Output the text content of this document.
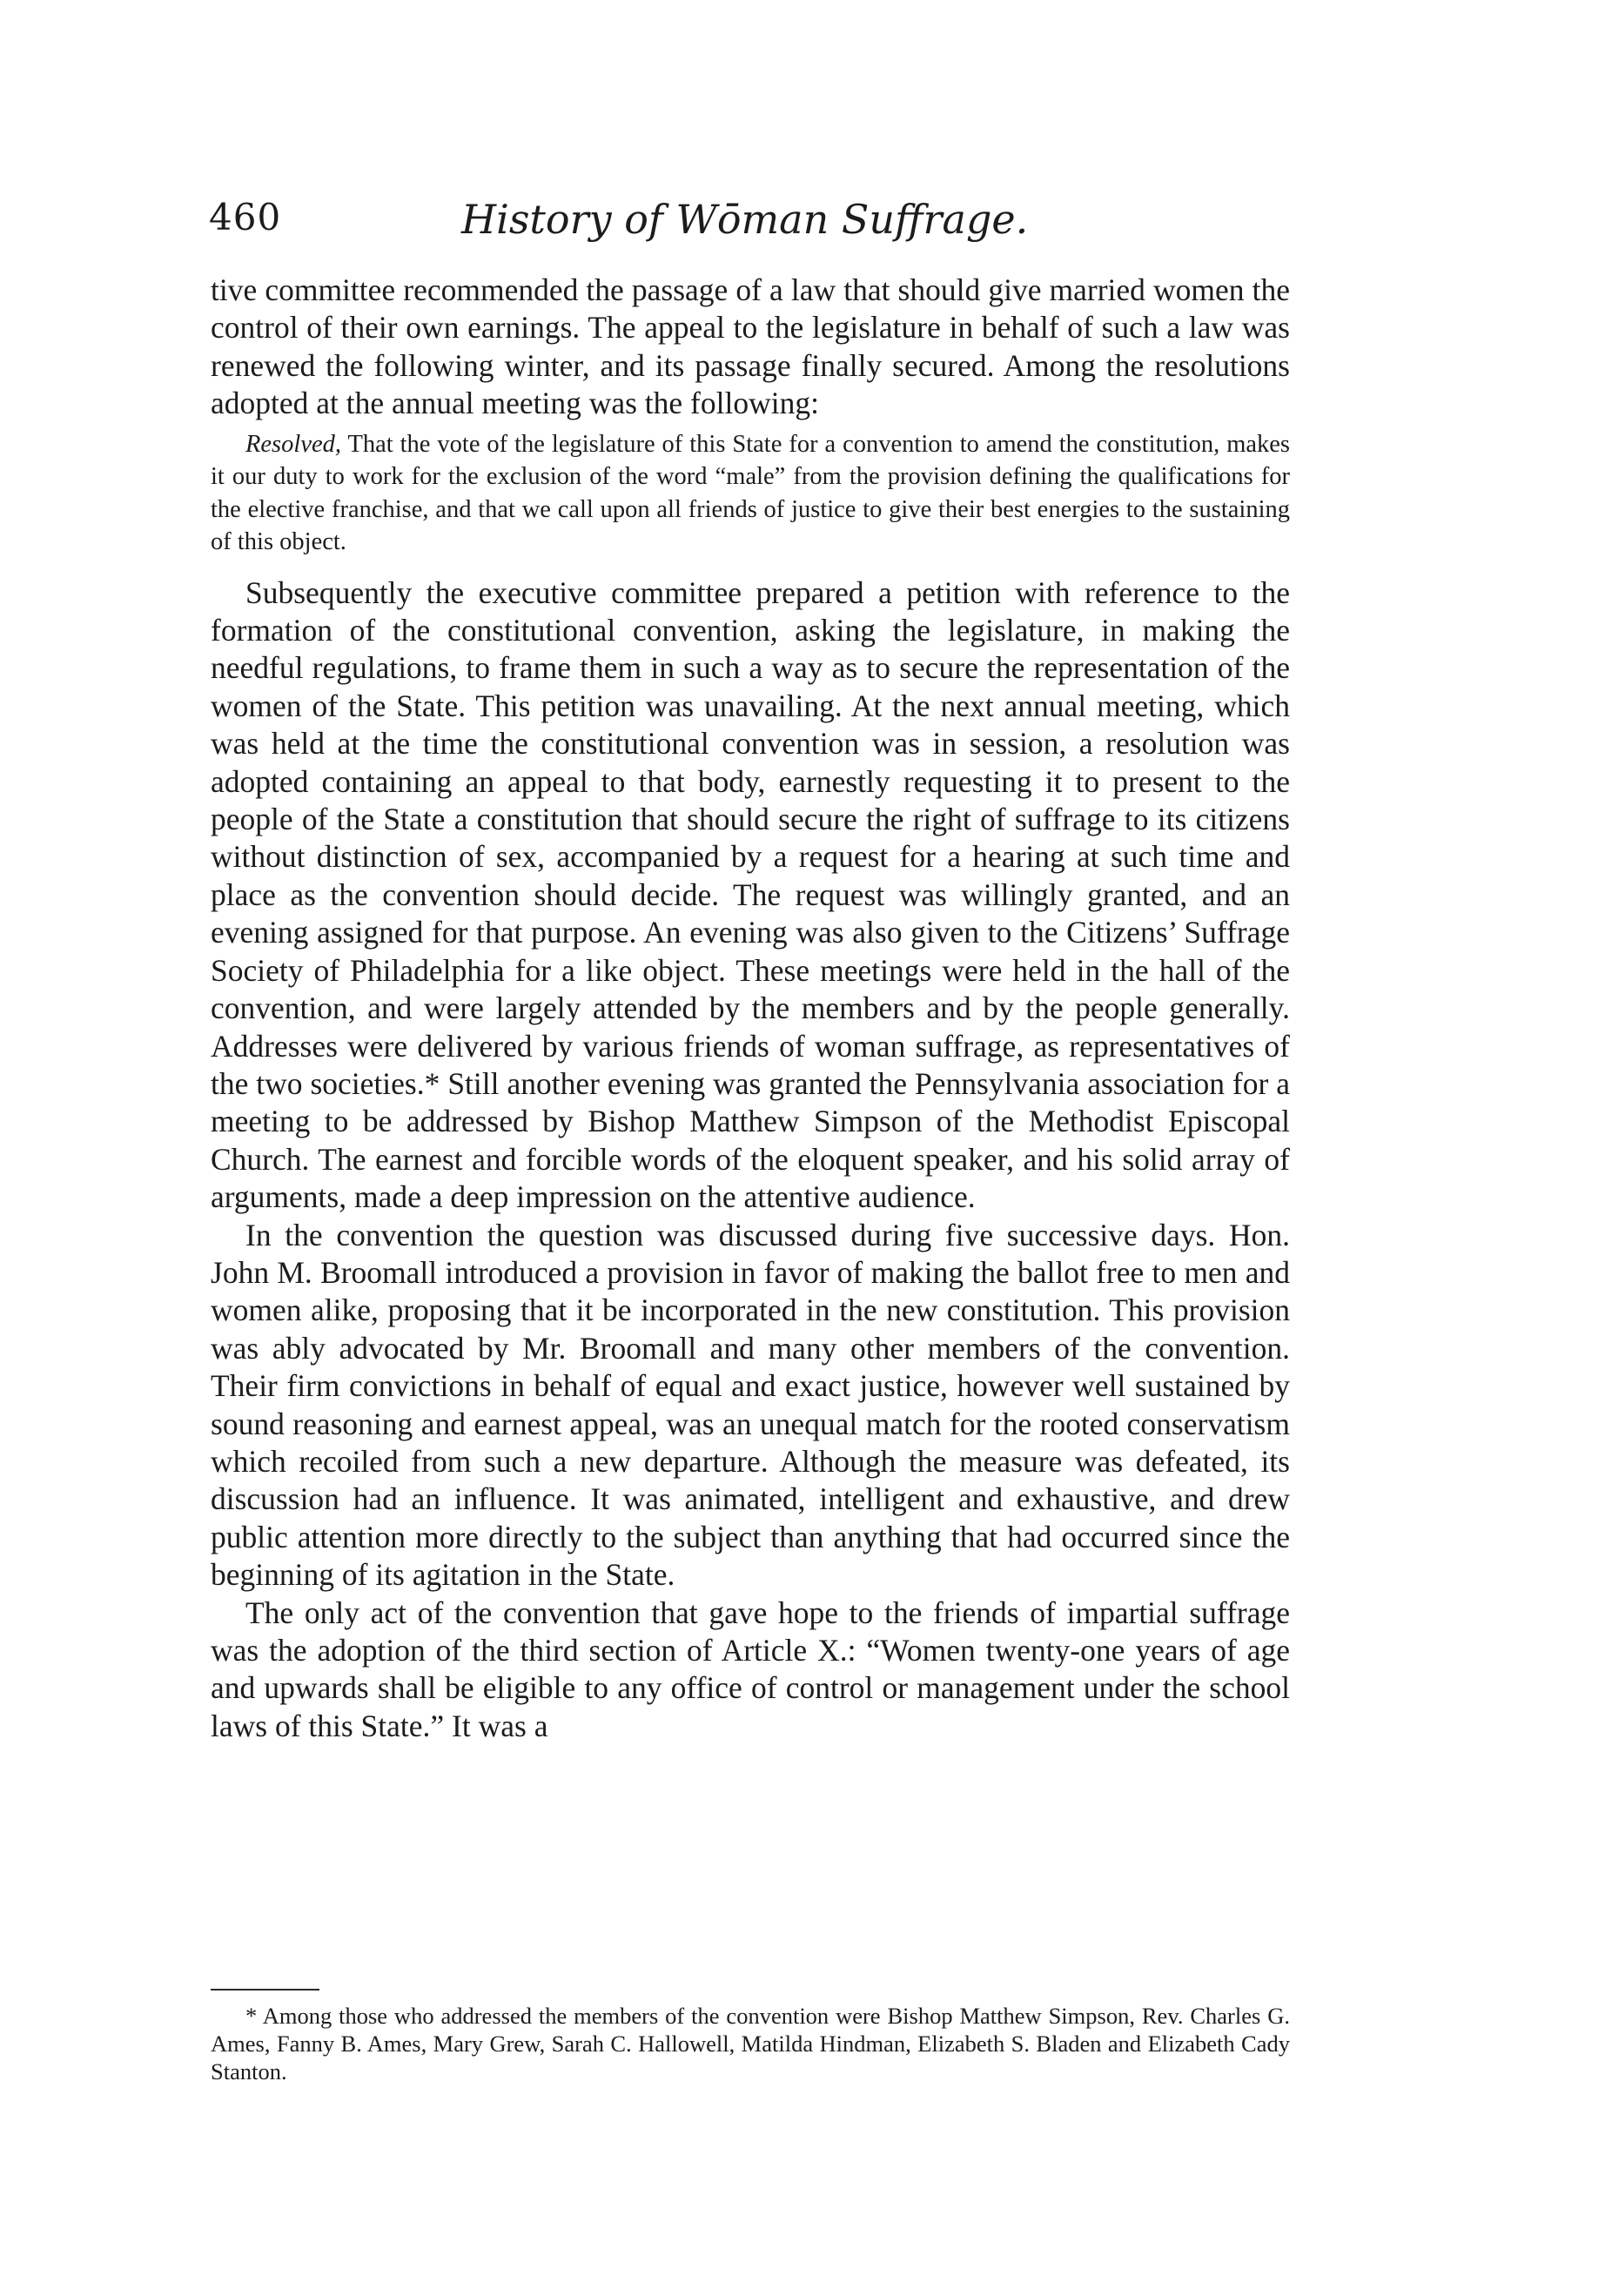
460	History of Wōman Suffrage.

tive committee recommended the passage of a law that should give married women the control of their own earnings. The appeal to the legislature in behalf of such a law was renewed the following winter, and its passage finally secured. Among the resolutions adopted at the annual meeting was the following:

Resolved, That the vote of the legislature of this State for a convention to amend the constitution, makes it our duty to work for the exclusion of the word “male” from the provision defining the qualifications for the elective franchise, and that we call upon all friends of justice to give their best energies to the sustaining of this object.

Subsequently the executive committee prepared a petition with reference to the formation of the constitutional convention, asking the legislature, in making the needful regulations, to frame them in such a way as to secure the representation of the women of the State. This petition was unavailing. At the next annual meeting, which was held at the time the constitutional convention was in session, a resolution was adopted containing an appeal to that body, earnestly requesting it to present to the people of the State a constitution that should secure the right of suffrage to its citizens without distinction of sex, accompanied by a request for a hearing at such time and place as the convention should decide. The request was willingly granted, and an evening assigned for that purpose. An evening was also given to the Citizens’ Suffrage Society of Philadelphia for a like object. These meetings were held in the hall of the convention, and were largely attended by the members and by the people generally. Addresses were delivered by various friends of woman suffrage, as representatives of the two societies.* Still another evening was granted the Pennsylvania association for a meeting to be addressed by Bishop Matthew Simpson of the Methodist Episcopal Church. The earnest and forcible words of the eloquent speaker, and his solid array of arguments, made a deep impression on the attentive audience.

In the convention the question was discussed during five successive days. Hon. John M. Broomall introduced a provision in favor of making the ballot free to men and women alike, proposing that it be incorporated in the new constitution. This provision was ably advocated by Mr. Broomall and many other members of the convention. Their firm convictions in behalf of equal and exact justice, however well sustained by sound reasoning and earnest appeal, was an unequal match for the rooted conservatism which recoiled from such a new departure. Although the measure was defeated, its discussion had an influence. It was animated, intelligent and exhaustive, and drew public attention more directly to the subject than anything that had occurred since the beginning of its agitation in the State.

The only act of the convention that gave hope to the friends of impartial suffrage was the adoption of the third section of Article X.: “Women twenty-one years of age and upwards shall be eligible to any office of control or management under the school laws of this State.” It was a

* Among those who addressed the members of the convention were Bishop Matthew Simpson, Rev. Charles G. Ames, Fanny B. Ames, Mary Grew, Sarah C. Hallowell, Matilda Hindman, Elizabeth S. Bladen and Elizabeth Cady Stanton.
